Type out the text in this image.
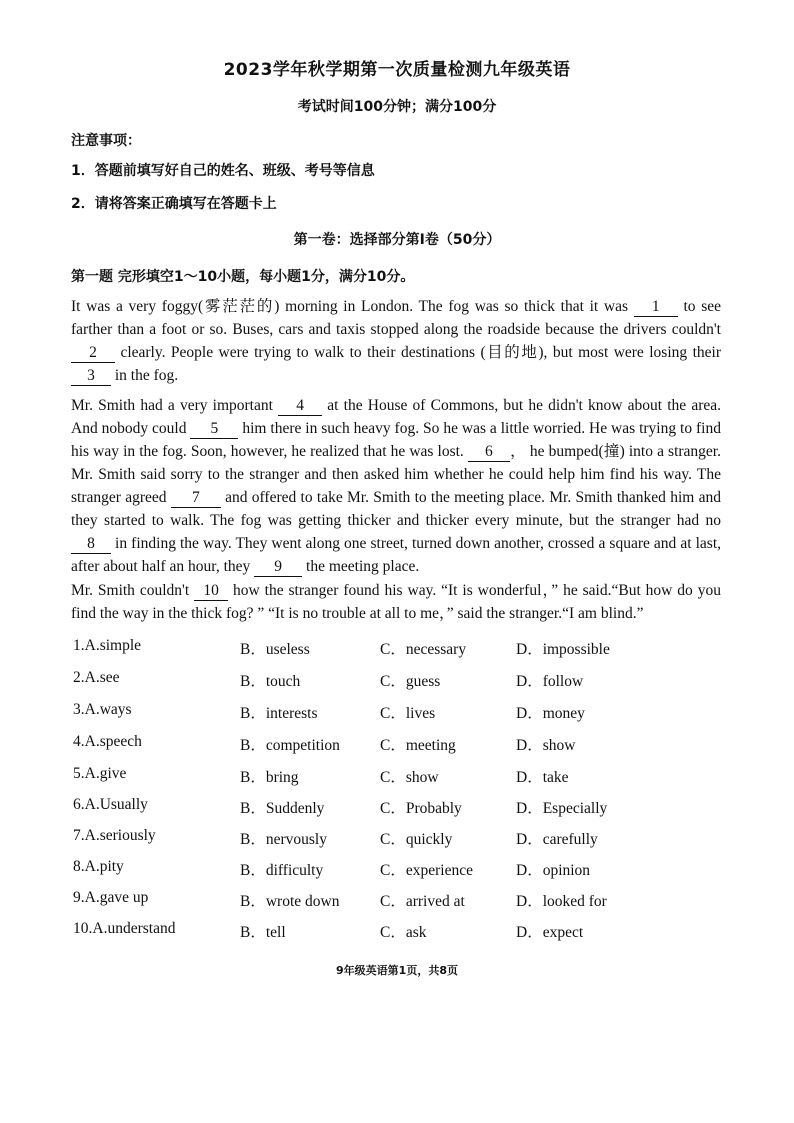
2023学年秋学期第一次质量检测九年级英语
考试时间100分钟；满分100分
注意事项：
1．答题前填写好自己的姓名、班级、考号等信息
2．请将答案正确填写在答题卡上
第一卷：选择部分第Ⅰ卷（50分）
第一题 完形填空1～10小题，每小题1分，满分10分。
It was a very foggy(雾茫茫的) morning in London. The fog was so thick that it was 1 to see farther than a foot or so. Buses, cars and taxis stopped along the roadside because the drivers couldn't 2 clearly. People were trying to walk to their destinations (目的地), but most were losing their 3 in the fog.
Mr. Smith had a very important 4 at the House of Commons, but he didn't know about the area. And nobody could 5 him there in such heavy fog. So he was a little worried. He was trying to find his way in the fog. Soon, however, he realized that he was lost. 6 ， he bumped(撞) into a stranger. Mr. Smith said sorry to the stranger and then asked him whether he could help him find his way. The stranger agreed 7 and offered to take Mr. Smith to the meeting place. Mr. Smith thanked him and they started to walk. The fog was getting thicker and thicker every minute, but the stranger had no 8 in finding the way. They went along one street, turned down another, crossed a square and at last, after about half an hour, they 9 the meeting place.
Mr. Smith couldn't 10 how the stranger found his way. “It is wonderful，” he said.“But how do you find the way in the thick fog? ” “It is no trouble at all to me，” said the stranger.“I am blind.”
1.A.simple	B．useless	C．necessary	D．impossible
2.A.see	B．touch	C．guess	D．follow
3.A.ways	B．interests	C．lives	D．money
4.A.speech	B．competition	C．meeting	D．show
5.A.give	B．bring	C．show	D．take
6.A.Usually	B．Suddenly	C．Probably	D．Especially
7.A.seriously	B．nervously	C．quickly	D．carefully
8.A.pity	B．difficulty	C．experience	D．opinion
9.A.gave up	B．wrote down	C．arrived at	D．looked for
10.A.understand	B．tell	C．ask	D．expect
9年级英语第1页，共8页
